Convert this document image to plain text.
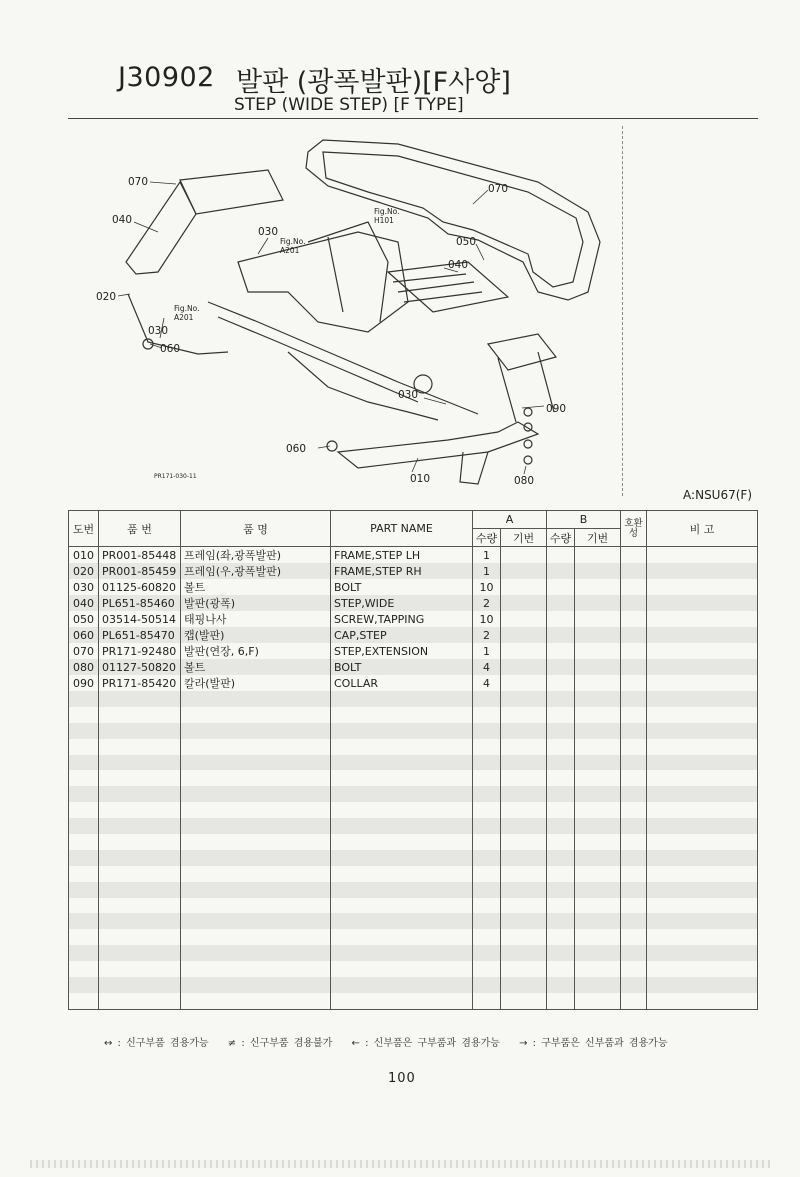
J30902 발판 (광폭발판)[F사양]
STEP (WIDE STEP) [F TYPE]
070
040
020
030
030
060
050
040
070
030
090
080
010
060
Fig.No.
H101
Fig.No.
A201
Fig.No.
A201
PR171-030-11
A:NSU67(F)
도번	품 번	품 명	PART NAME	A		B		호환성	비 고
				수량	기번	수량	기번		
010	PR001-85448	프레임(좌,광폭발판)	FRAME,STEP LH	1					
020	PR001-85459	프레임(우,광폭발판)	FRAME,STEP RH	1					
030	01125-60820	볼트	BOLT	10					
040	PL651-85460	발판(광폭)	STEP,WIDE	2					
050	03514-50514	태핑나사	SCREW,TAPPING	10					
060	PL651-85470	캡(발판)	CAP,STEP	2					
070	PR171-92480	발판(연장, 6,F)	STEP,EXTENSION	1					
080	01127-50820	볼트	BOLT	4					
090	PR171-85420	칼라(발판)	COLLAR	4					

↔ : 신구부품 겸용가능 ≠ : 신구부품 겸용불가 ← : 신부품은 구부품과 겸용가능 → : 구부품은 신부품과 겸용가능
100
